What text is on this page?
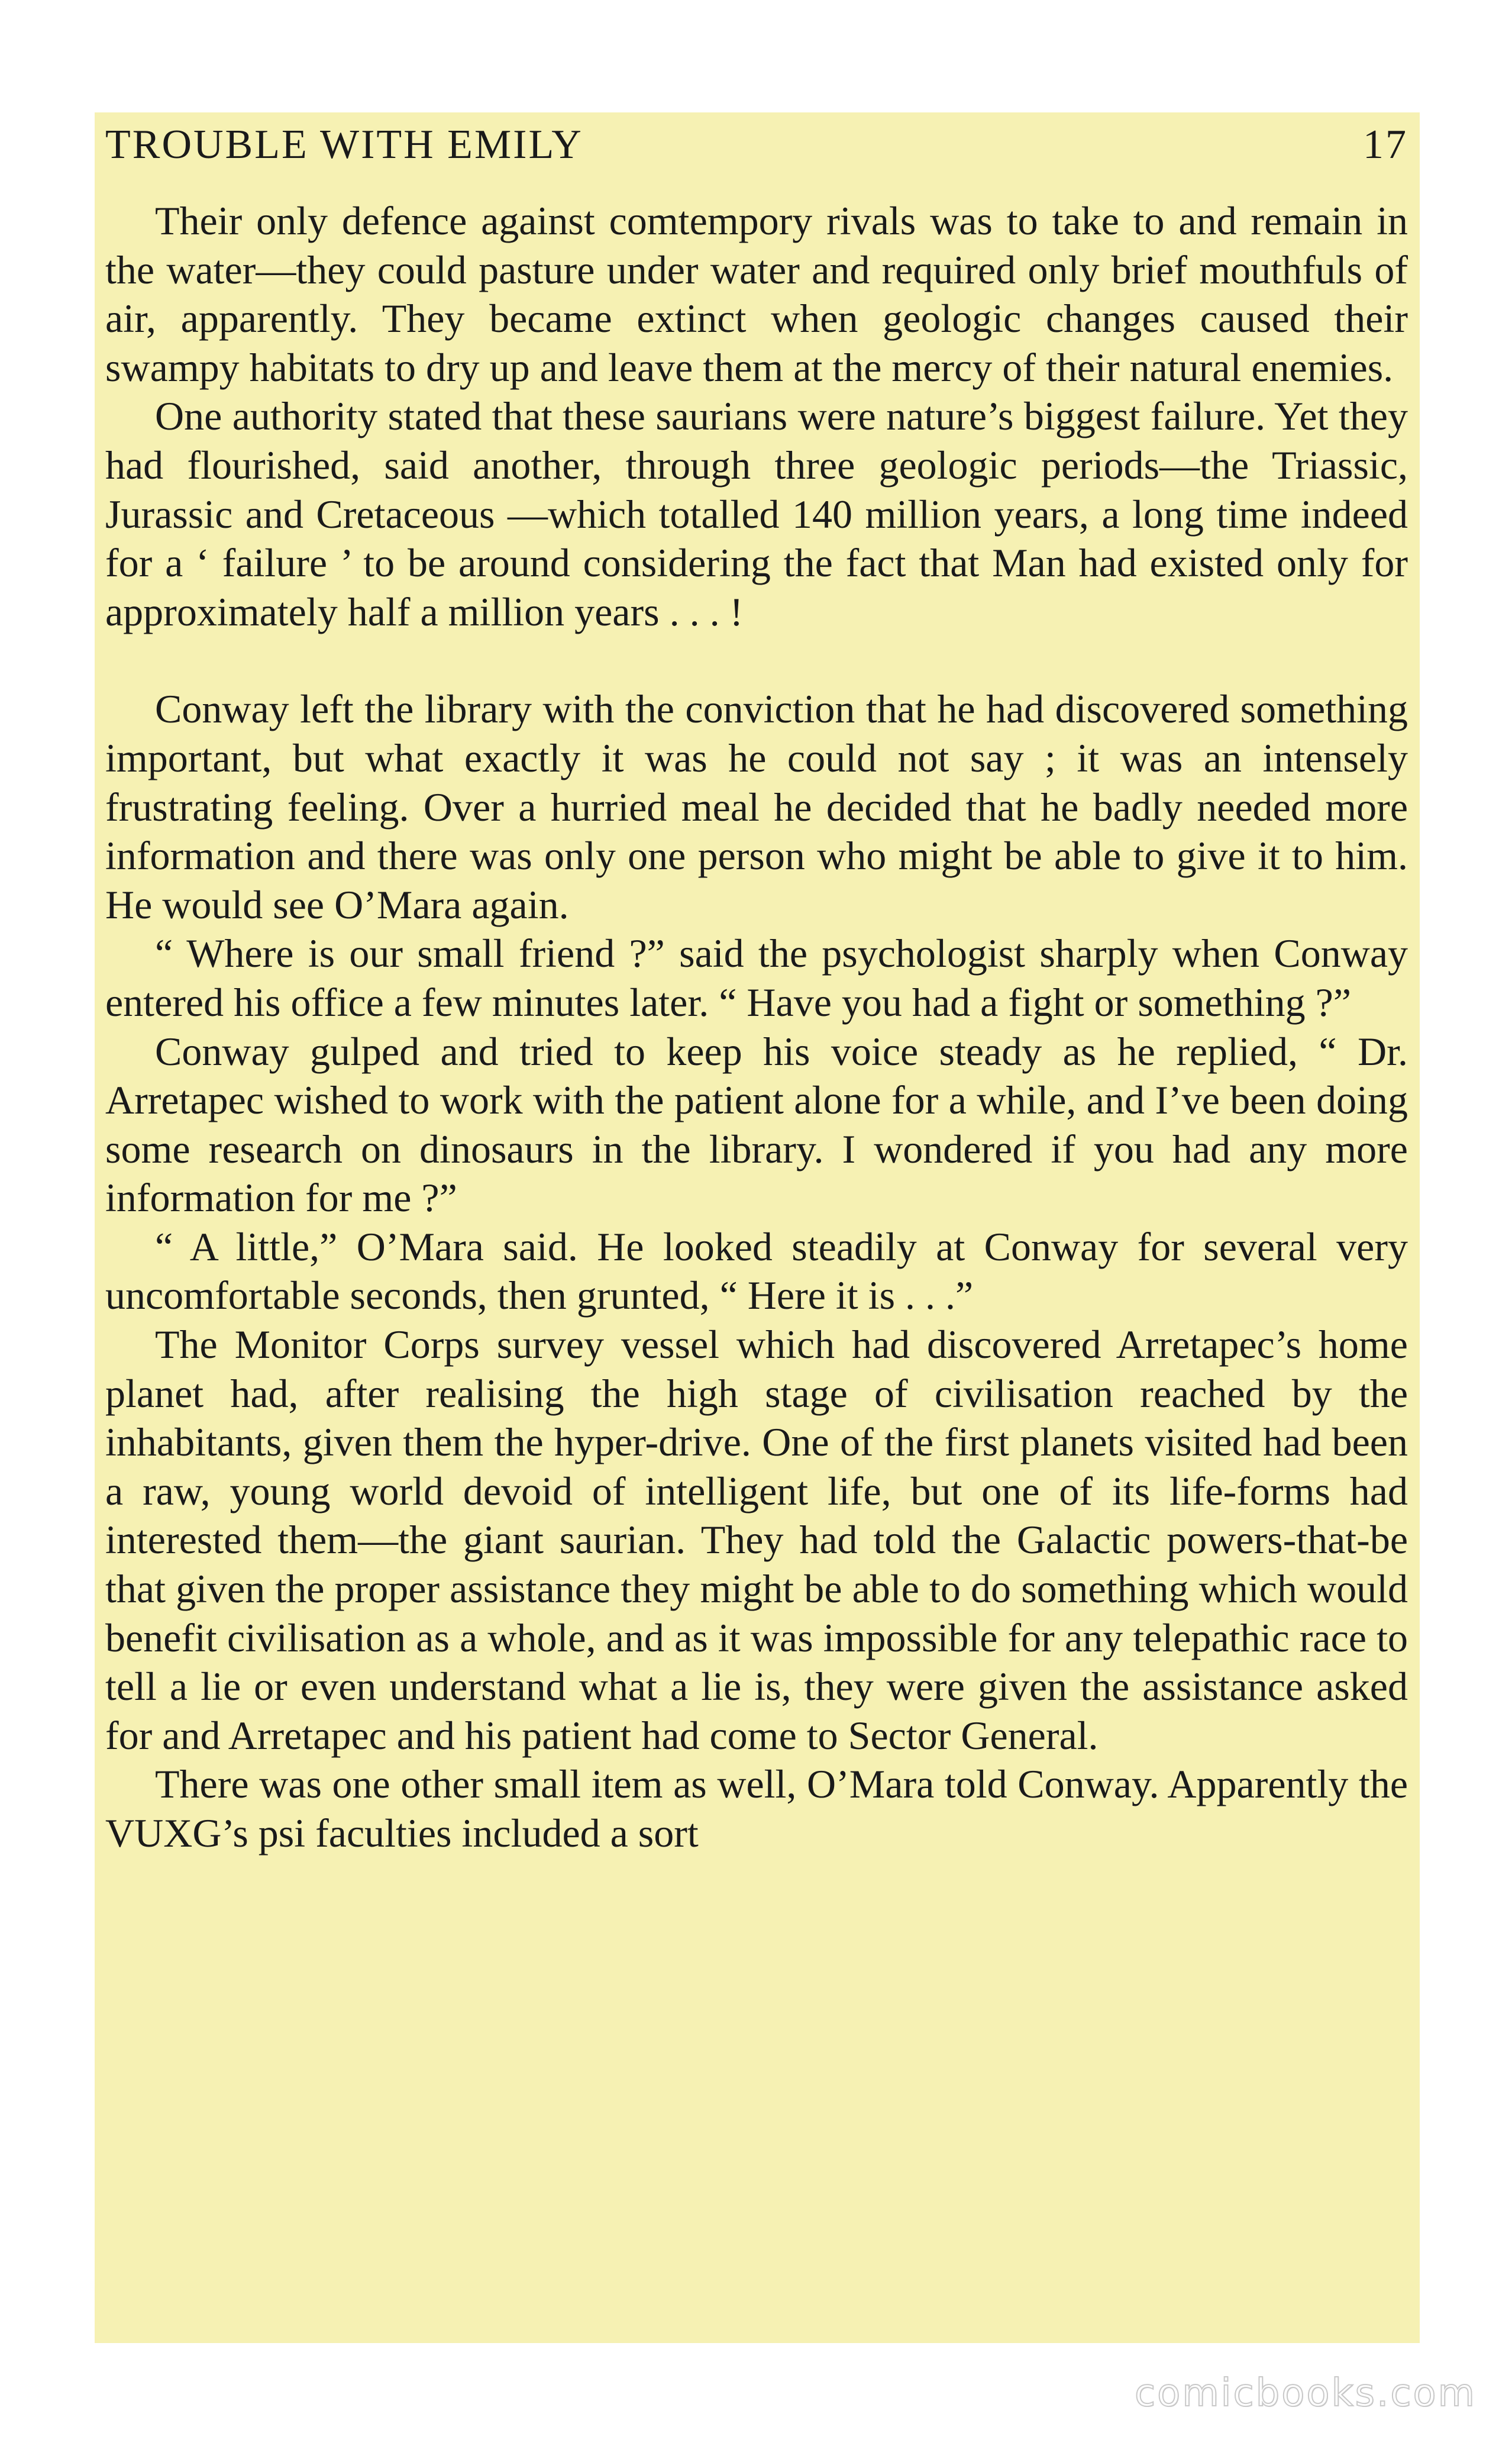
TROUBLE WITH EMILY	17

Their only defence against comtempory rivals was to take to and remain in the water—they could pasture under water and required only brief mouthfuls of air, apparently. They became extinct when geologic changes caused their swampy habitats to dry up and leave them at the mercy of their natural enemies.

One authority stated that these saurians were nature’s biggest failure. Yet they had flourished, said another, through three geologic periods—the Triassic, Jurassic and Cretaceous —which totalled 140 million years, a long time indeed for a ‘ failure ’ to be around considering the fact that Man had existed only for approximately half a million years . . . !

Conway left the library with the conviction that he had discovered something important, but what exactly it was he could not say ; it was an intensely frustrating feeling. Over a hurried meal he decided that he badly needed more information and there was only one person who might be able to give it to him. He would see O’Mara again.

“ Where is our small friend ?” said the psychologist sharply when Conway entered his office a few minutes later. “ Have you had a fight or something ?”

Conway gulped and tried to keep his voice steady as he replied, “ Dr. Arretapec wished to work with the patient alone for a while, and I’ve been doing some research on dinosaurs in the library. I wondered if you had any more information for me ?”

“ A little,” O’Mara said. He looked steadily at Conway for several very uncomfortable seconds, then grunted, “ Here it is . . .”

The Monitor Corps survey vessel which had discovered Arretapec’s home planet had, after realising the high stage of civilisation reached by the inhabitants, given them the hyper-drive. One of the first planets visited had been a raw, young world devoid of intelligent life, but one of its life-forms had interested them—the giant saurian. They had told the Galactic powers-that-be that given the proper assistance they might be able to do something which would benefit civilisation as a whole, and as it was impossible for any telepathic race to tell a lie or even understand what a lie is, they were given the assistance asked for and Arretapec and his patient had come to Sector General.

There was one other small item as well, O’Mara told Conway. Apparently the VUXG’s psi faculties included a sort

comicbooks.com
